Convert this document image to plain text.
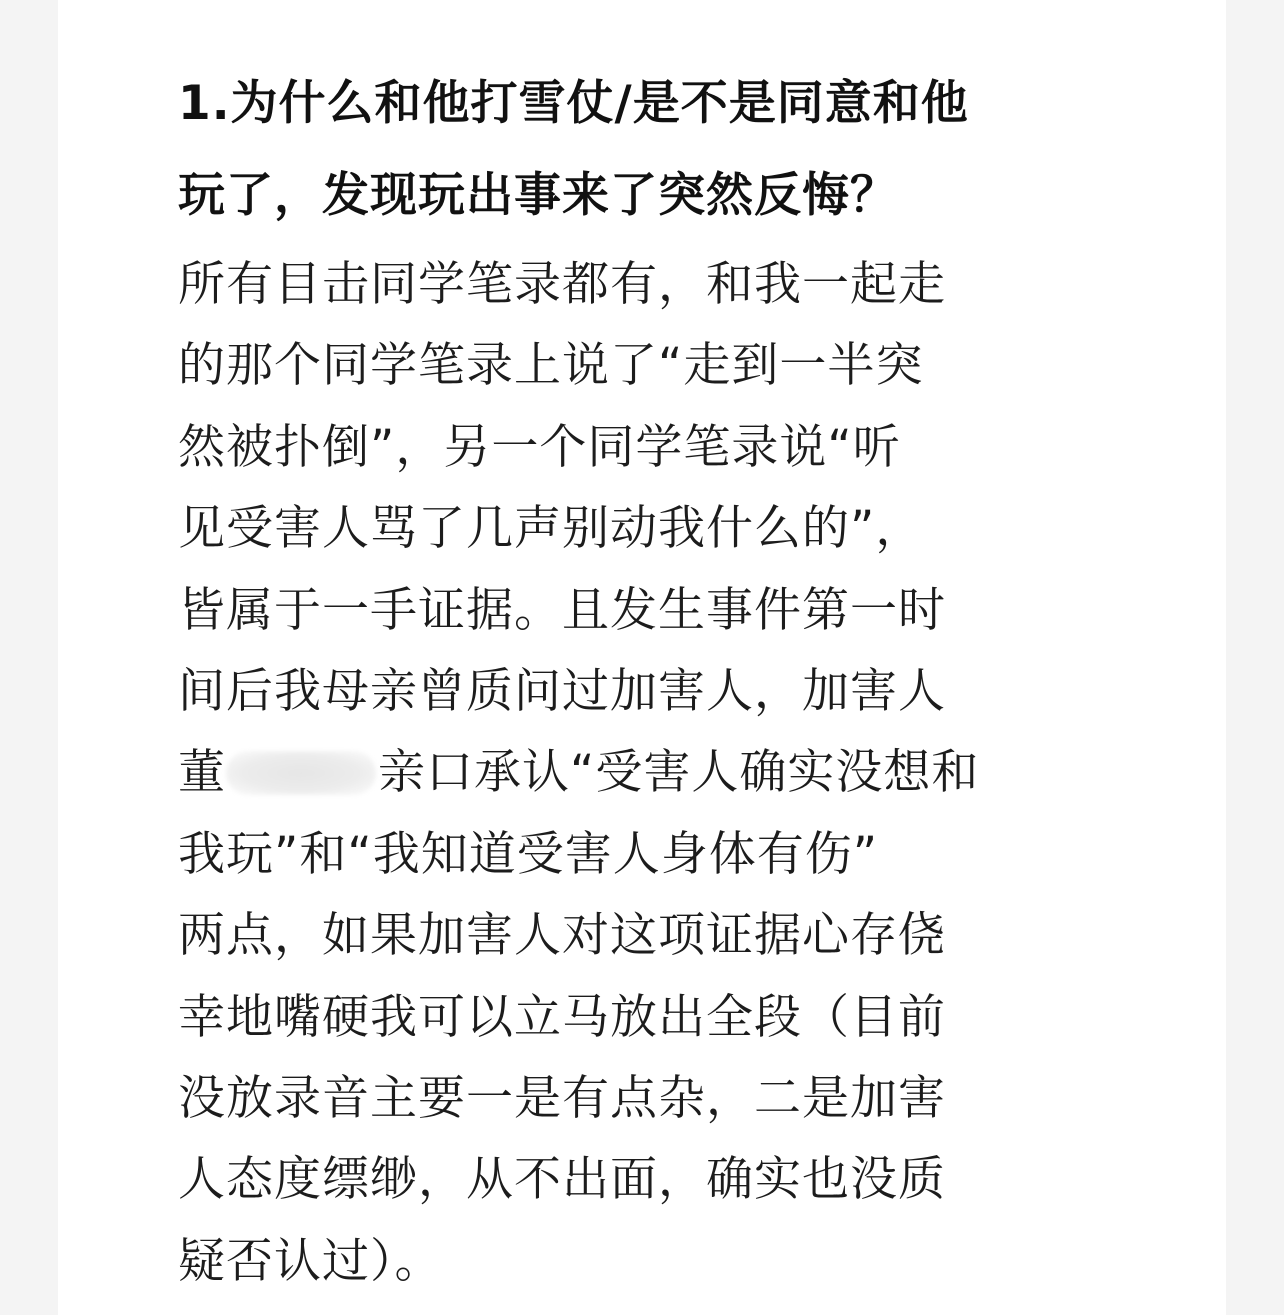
1.为什么和他打雪仗/是不是同意和他
玩了，发现玩出事来了突然反悔？
所有目击同学笔录都有，和我一起走
的那个同学笔录上说了“走到一半突
然被扑倒”，另一个同学笔录说“听
见受害人骂了几声别动我什么的”，
皆属于一手证据。且发生事件第一时
间后我母亲曾质问过加害人，加害人
董	亲口承认“受害人确实没想和
我玩”和“我知道受害人身体有伤”
两点，如果加害人对这项证据心存侥
幸地嘴硬我可以立马放出全段（目前
没放录音主要一是有点杂，二是加害
人态度缥缈，从不出面，确实也没质
疑否认过）。
